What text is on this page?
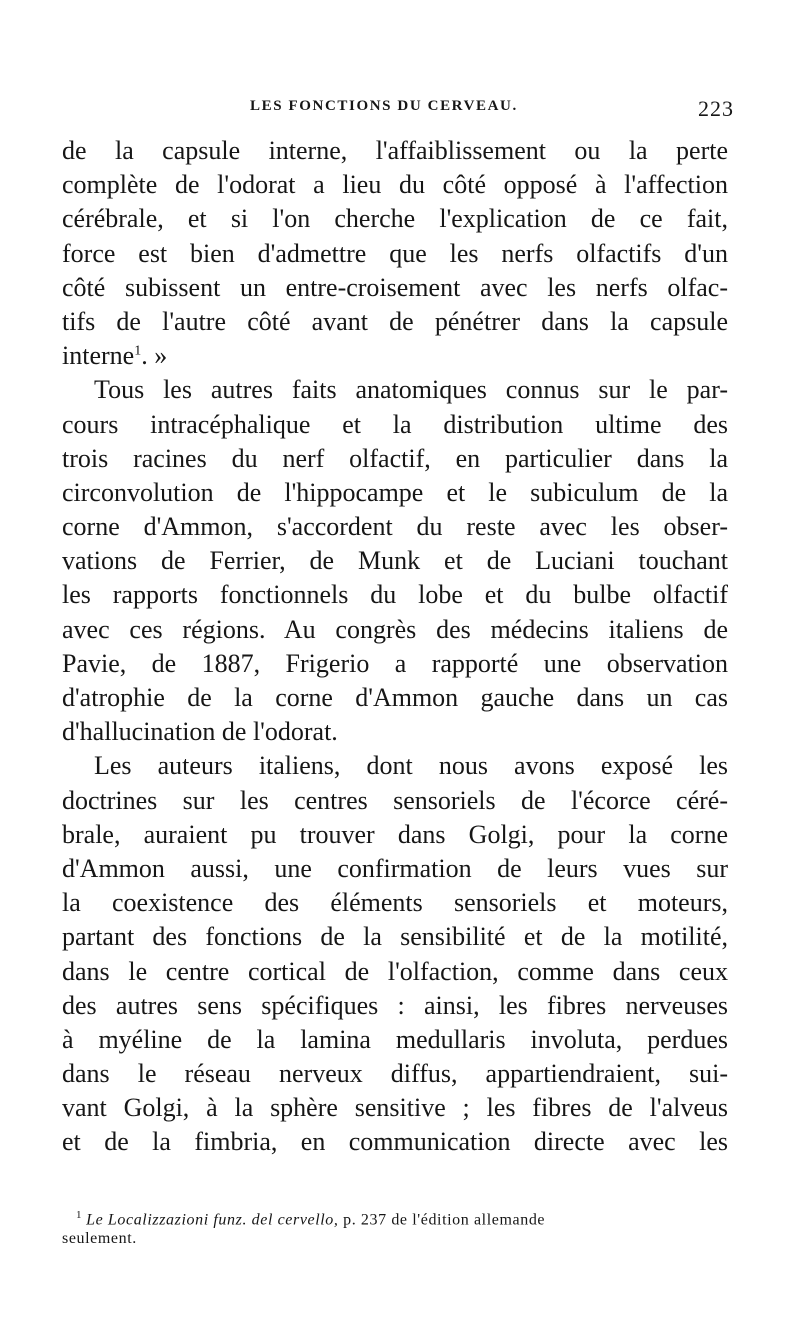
LES FONCTIONS DU CERVEAU.	223
de la capsule interne, l'affaiblissement ou la perte
complète de l'odorat a lieu du côté opposé à l'affection
cérébrale, et si l'on cherche l'explication de ce fait,
force est bien d'admettre que les nerfs olfactifs d'un
côté subissent un entre-croisement avec les nerfs olfac-
tifs de l'autre côté avant de pénétrer dans la capsule
interne$^1$. »
Tous les autres faits anatomiques connus sur le par-
cours intracéphalique et la distribution ultime des
trois racines du nerf olfactif, en particulier dans la
circonvolution de l'hippocampe et le subiculum de la
corne d'Ammon, s'accordent du reste avec les obser-
vations de Ferrier, de Munk et de Luciani touchant
les rapports fonctionnels du lobe et du bulbe olfactif
avec ces régions. Au congrès des médecins italiens de
Pavie, de 1887, Frigerio a rapporté une observation
d'atrophie de la corne d'Ammon gauche dans un cas
d'hallucination de l'odorat.
Les auteurs italiens, dont nous avons exposé les
doctrines sur les centres sensoriels de l'écorce céré-
brale, auraient pu trouver dans Golgi, pour la corne
d'Ammon aussi, une confirmation de leurs vues sur
la coexistence des éléments sensoriels et moteurs,
partant des fonctions de la sensibilité et de la motilité,
dans le centre cortical de l'olfaction, comme dans ceux
des autres sens spécifiques : ainsi, les fibres nerveuses
à myéline de la lamina medullaris involuta, perdues
dans le réseau nerveux diffus, appartiendraient, sui-
vant Golgi, à la sphère sensitive ; les fibres de l'alveus
et de la fimbria, en communication directe avec les
$^1$ Le Localizzazioni funz. del cervello, p. 237 de l'édition allemande
seulement.
